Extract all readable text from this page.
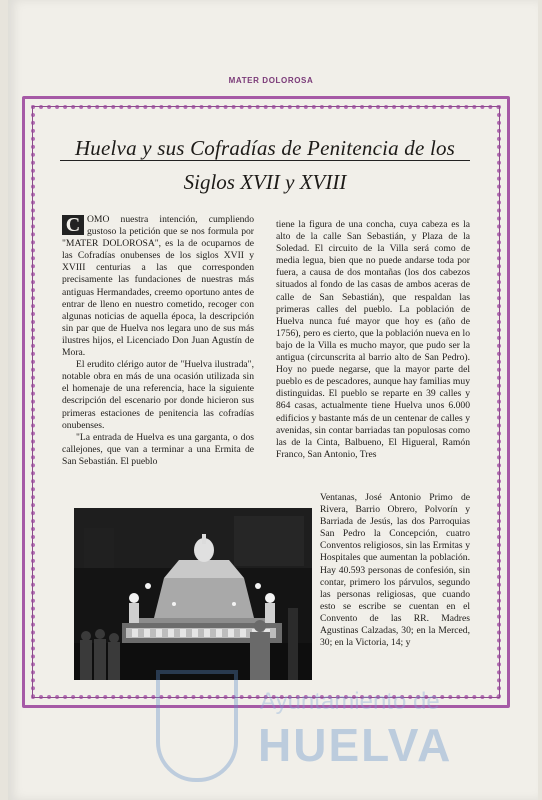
MATER DOLOROSA
Huelva y sus Cofradías de Penitencia de los
Siglos XVII y XVIII

C OMO nuestra intención, cumpliendo gustoso la petición que se nos formula por "MATER DOLOROSA", es la de ocuparnos de las Cofradías onubenses de los siglos XVII y XVIII centurias a las que corresponden precisamente las fundaciones de nuestras más antiguas Hermandades, creemo oportuno antes de entrar de lleno en nuestro cometido, recoger con algunas noticias de aquella época, la descripción sin par que de Huelva nos legara uno de sus más ilustres hijos, el Licenciado Don Juan Agustín de Mora.

El erudito clérigo autor de "Huelva ilustrada", notable obra en más de una ocasión utilizada sin el homenaje de una referencia, hace la siguiente descripción del escenario por donde hicieron sus primeras estaciones de penitencia las cofradías onubenses.

"La entrada de Huelva es una garganta, o dos callejones, que van a terminar a una Ermita de San Sebastián. El pueblo

tiene la figura de una concha, cuya cabeza es la alto de la calle San Sebastián, y Plaza de la Soledad. El circuito de la Villa será como de media legua, bien que no puede andarse toda por fuera, a causa de dos montañas (los dos cabezos situados al fondo de las casas de ambos aceras de calle de San Sebastián), que respaldan las primeras calles del pueblo. La población de Huelva nunca fué mayor que hoy es (año de 1756), pero es cierto, que la población nueva en lo bajo de la Villa es mucho mayor, que pudo ser la antigua (circunscrita al barrio alto de San Pedro). Hoy no puede negarse, que la mayor parte del pueblo es de pescadores, aunque hay familias muy distinguidas. El pueblo se reparte en 39 calles y 864 casas, actualmente tiene Huelva unos 6.000 edificios y bastante más de un centenar de calles y avenidas, sin contar barriadas tan populosas como las de la Cinta, Balbueno, El Higueral, Ramón Franco, San Antonio, Tres

Ventanas, José Antonio Primo de Rivera, Barrio Obrero, Polvorín y Barriada de Jesús, las dos Parroquias San Pedro la Concepción, cuatro Conventos religiosos, sin las Ermitas y Hospitales que aumentan la población. Hay 40.593 personas de confesión, sin contar, primero los párvulos, segundo las personas religiosas, que cuando esto se escribe se cuentan en el Convento de las RR. Madres Agustinas Calzadas, 30; en la Merced, 30; en la Victoria, 14; y

Ayuntamiento de
HUELVA
